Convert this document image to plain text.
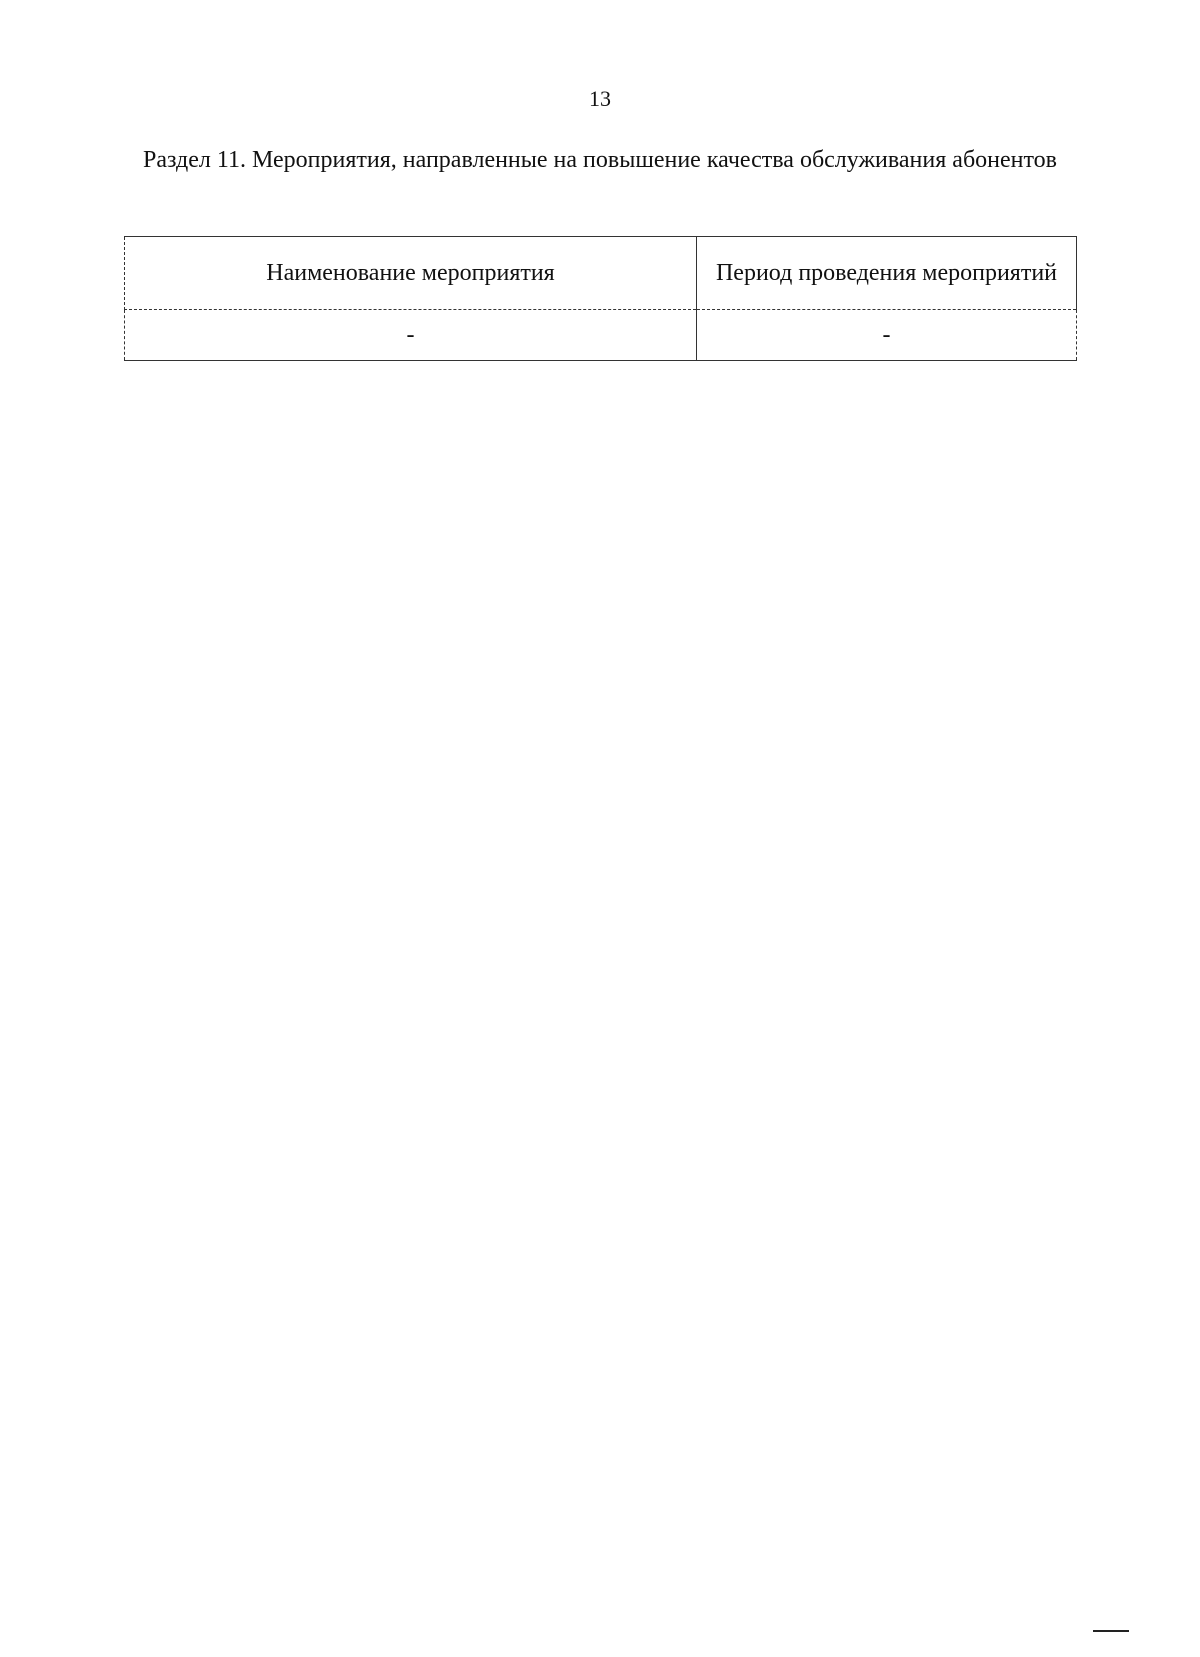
13
Раздел 11. Мероприятия, направленные на повышение качества обслуживания абонентов
Наименование мероприятия	Период проведения мероприятий
-	-
